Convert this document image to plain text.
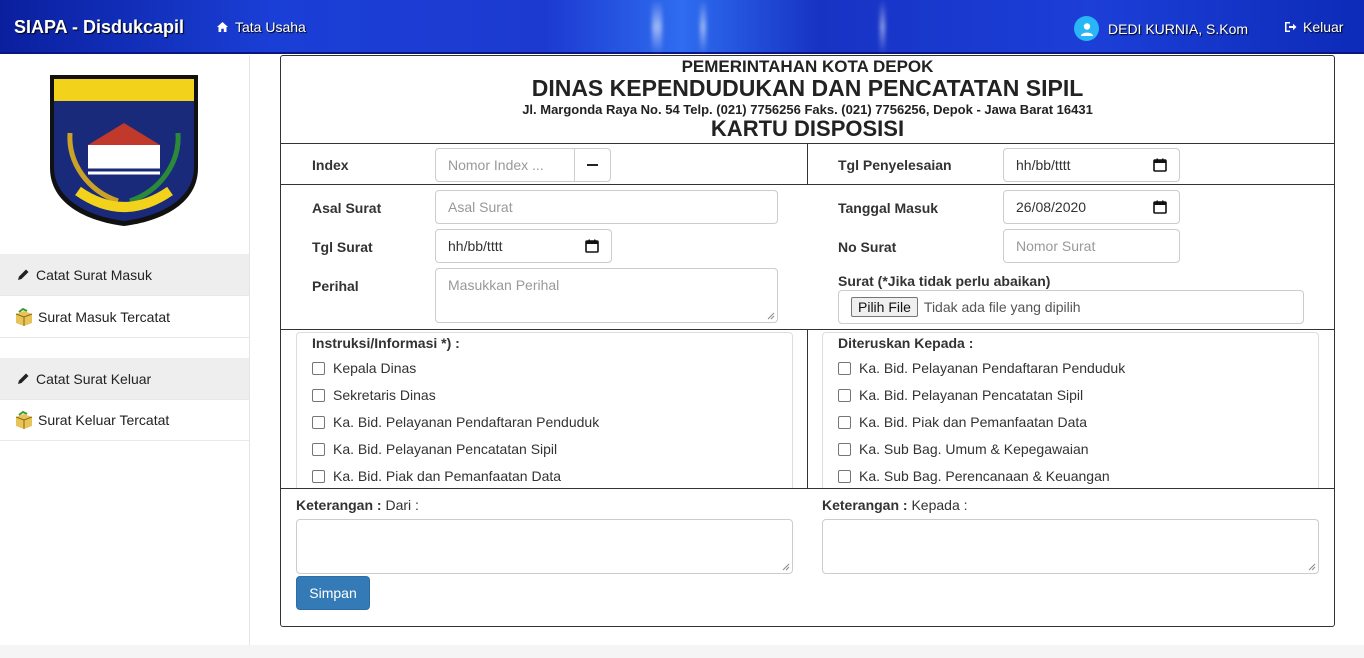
SIAPA - Disdukcapil	Tata Usaha	DEDI KURNIA, S.Kom	Keluar
Catat Surat Masuk
Surat Masuk Tercatat
Catat Surat Keluar
Surat Keluar Tercatat
PEMERINTAHAN KOTA DEPOK
DINAS KEPENDUDUKAN DAN PENCATATAN SIPIL
Jl. Margonda Raya No. 54 Telp. (021) 7756256 Faks. (021) 7756256, Depok - Jawa Barat 16431
KARTU DISPOSISI
Index	Nomor Index ...	Tgl Penyelesaian	hh/bb/tttt
Asal Surat	Asal Surat	Tanggal Masuk	26/08/2020
Tgl Surat	hh/bb/tttt	No Surat	Nomor Surat
Perihal	Masukkan Perihal	Surat (*Jika tidak perlu abaikan)
Pilih File Tidak ada file yang dipilih
Instruksi/Informasi *) :
Kepala Dinas
Sekretaris Dinas
Ka. Bid. Pelayanan Pendaftaran Penduduk
Ka. Bid. Pelayanan Pencatatan Sipil
Ka. Bid. Piak dan Pemanfaatan Data
Diteruskan Kepada :
Ka. Bid. Pelayanan Pendaftaran Penduduk
Ka. Bid. Pelayanan Pencatatan Sipil
Ka. Bid. Piak dan Pemanfaatan Data
Ka. Sub Bag. Umum & Kepegawaian
Ka. Sub Bag. Perencanaan & Keuangan
Keterangan : Dari :	Keterangan : Kepada :
Simpan
